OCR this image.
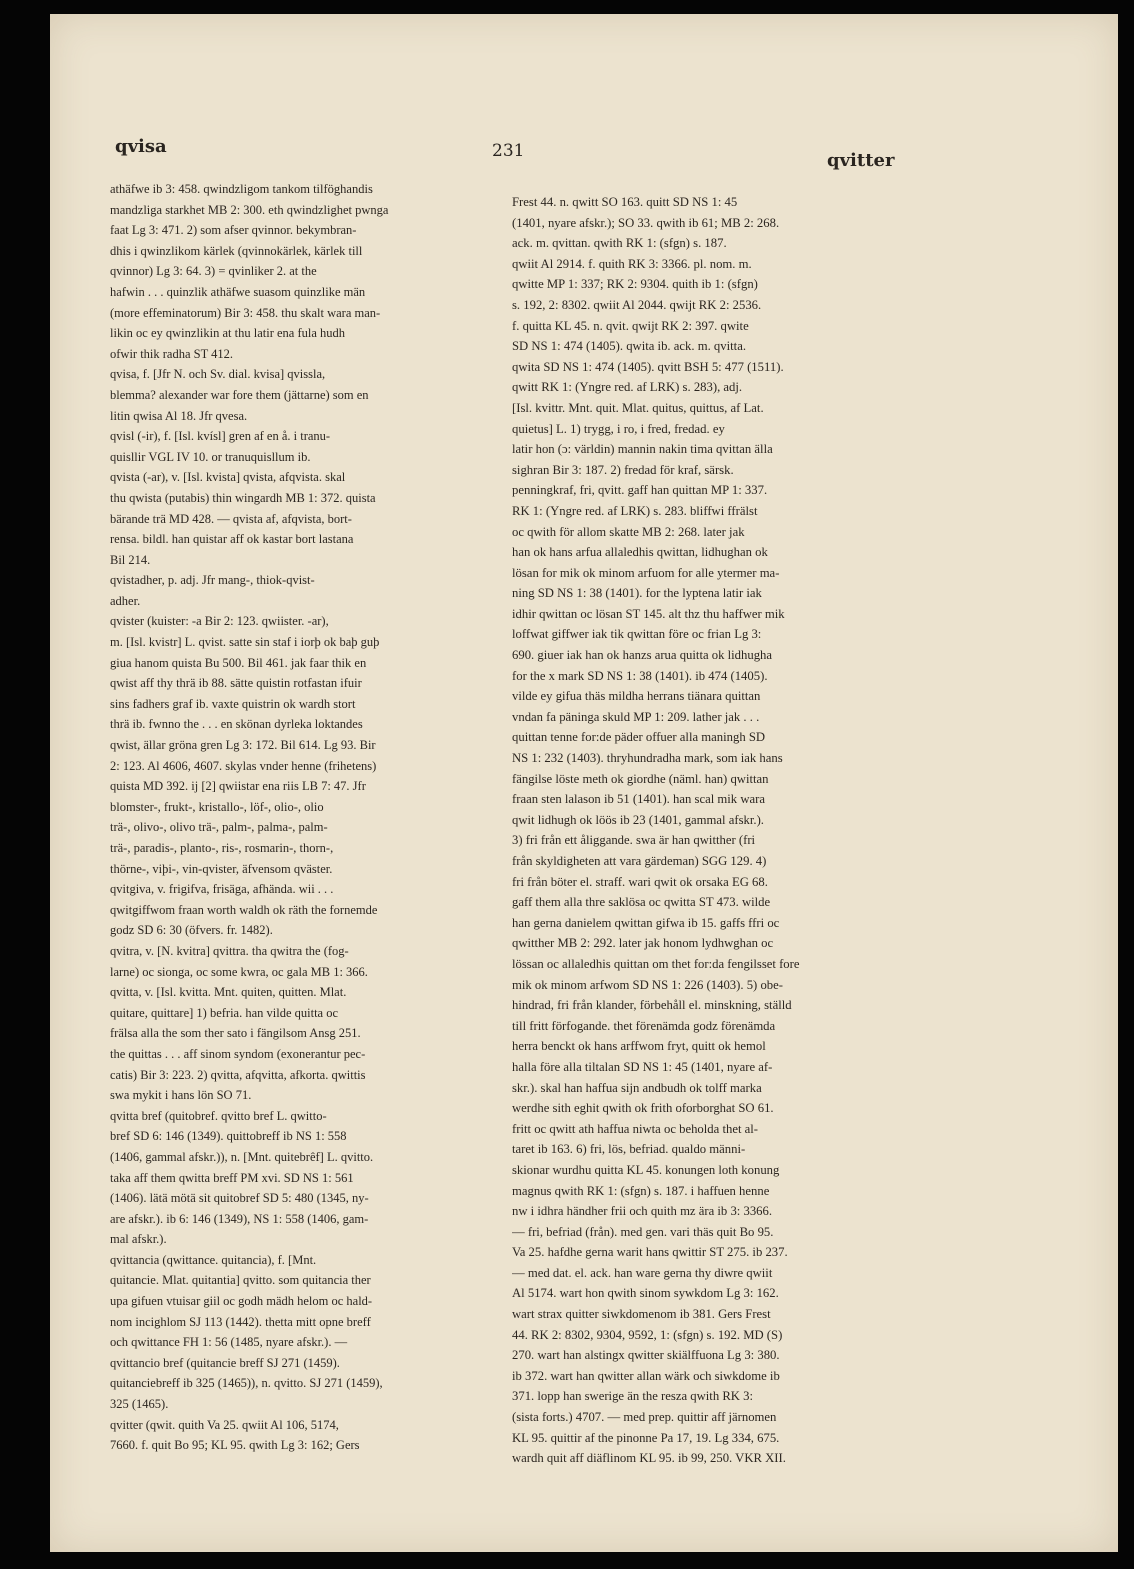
qvisa	231	qvitter
athäfwe ib 3: 458. qwindzligom tankom tilföghandis
mandzliga starkhet MB 2: 300. eth qwindzlighet pwnga
faat Lg 3: 471. 2) som afser qvinnor. bekymbran-
dhis i qwinzlikom kärlek (qvinnokärlek, kärlek till
qvinnor) Lg 3: 64. 3) = qvinliker 2. at the
hafwin . . . quinzlik athäfwe suasom quinzlike män
(more effeminatorum) Bir 3: 458. thu skalt wara man-
likin oc ey qwinzlikin at thu latir ena fula hudh
ofwir thik radha ST 412.
qvisa, f. [Jfr N. och Sv. dial. kvisa] qvissla,
blemma? alexander war fore them (jättarne) som en
litin qwisa Al 18. Jfr qvesa.
qvisl (-ir), f. [Isl. kvísl] gren af en å. i tranu-
quisllir VGL IV 10. or tranuquisllum ib.
qvista (-ar), v. [Isl. kvista] qvista, afqvista. skal
thu qwista (putabis) thin wingardh MB 1: 372. quista
bärande trä MD 428. — qvista af, afqvista, bort-
rensa. bildl. han quistar aff ok kastar bort lastana
Bil 214.
qvistadher, p. adj. Jfr mang-, thiok-qvist-
adher.
qvister (kuister: -a Bir 2: 123. qwiister. -ar),
m. [Isl. kvistr] L. qvist. satte sin staf i iorþ ok baþ guþ
giua hanom quista Bu 500. Bil 461. jak faar thik en
qwist aff thy thrä ib 88. sätte quistin rotfastan ifuir
sins fadhers graf ib. vaxte quistrin ok wardh stort
thrä ib. fwnno the . . . en skönan dyrleka loktandes
qwist, ällar gröna gren Lg 3: 172. Bil 614. Lg 93. Bir
2: 123. Al 4606, 4607. skylas vnder henne (frihetens)
quista MD 392. ij [2] qwiistar ena riis LB 7: 47. Jfr
blomster-, frukt-, kristallo-, löf-, olio-, olio
trä-, olivo-, olivo trä-, palm-, palma-, palm-
trä-, paradis-, planto-, ris-, rosmarin-, thorn-,
thörne-, viþi-, vin-qvister, äfvensom qväster.
qvitgiva, v. frigifva, frisäga, afhända. wii . . .
qwitgiffwom fraan worth waldh ok räth the fornemde
godz SD 6: 30 (öfvers. fr. 1482).
qvitra, v. [N. kvitra] qvittra. tha qwitra the (fog-
larne) oc sionga, oc some kwra, oc gala MB 1: 366.
qvitta, v. [Isl. kvitta. Mnt. quiten, quitten. Mlat.
quitare, quittare] 1) befria. han vilde quitta oc
frälsa alla the som ther sato i fängilsom Ansg 251.
the quittas . . . aff sinom syndom (exonerantur pec-
catis) Bir 3: 223. 2) qvitta, afqvitta, afkorta. qwittis
swa mykit i hans lön SO 71.
qvitta bref (quitobref. qvitto bref L. qwitto-
bref SD 6: 146 (1349). quittobreff ib NS 1: 558
(1406, gammal afskr.)), n. [Mnt. quitebrêf] L. qvitto.
taka aff them qwitta breff PM xvi. SD NS 1: 561
(1406). lätä mötä sit quitobref SD 5: 480 (1345, ny-
are afskr.). ib 6: 146 (1349), NS 1: 558 (1406, gam-
mal afskr.).
qvittancia (qwittance. quitancia), f. [Mnt.
quitancie. Mlat. quitantia] qvitto. som quitancia ther
upa gifuen vtuisar giil oc godh mädh helom oc hald-
nom incighlom SJ 113 (1442). thetta mitt opne breff
och qwittance FH 1: 56 (1485, nyare afskr.). —
qvittancio bref (quitancie breff SJ 271 (1459).
quitanciebreff ib 325 (1465)), n. qvitto. SJ 271 (1459),
325 (1465).
qvitter (qwit. quith Va 25. qwiit Al 106, 5174,
7660. f. quit Bo 95; KL 95. qwith Lg 3: 162; Gers
Frest 44. n. qwitt SO 163. quitt SD NS 1: 45
(1401, nyare afskr.); SO 33. qwith ib 61; MB 2: 268.
ack. m. qvittan. qwith RK 1: (sfgn) s. 187.
qwiit Al 2914. f. quith RK 3: 3366. pl. nom. m.
qwitte MP 1: 337; RK 2: 9304. quith ib 1: (sfgn)
s. 192, 2: 8302. qwiit Al 2044. qwijt RK 2: 2536.
f. quitta KL 45. n. qvit. qwijt RK 2: 397. qwite
SD NS 1: 474 (1405). qwita ib. ack. m. qvitta.
qwita SD NS 1: 474 (1405). qvitt BSH 5: 477 (1511).
qwitt RK 1: (Yngre red. af LRK) s. 283), adj.
[Isl. kvittr. Mnt. quit. Mlat. quitus, quittus, af Lat.
quietus] L. 1) trygg, i ro, i fred, fredad. ey
latir hon (ɔ: världin) mannin nakin tima qvittan älla
sighran Bir 3: 187. 2) fredad för kraf, särsk.
penningkraf, fri, qvitt. gaff han quittan MP 1: 337.
RK 1: (Yngre red. af LRK) s. 283. bliffwi ffrälst
oc qwith för allom skatte MB 2: 268. later jak
han ok hans arfua allaledhis qwittan, lidhughan ok
lösan for mik ok minom arfuom for alle ytermer ma-
ning SD NS 1: 38 (1401). for the lyptena latir iak
idhir qwittan oc lösan ST 145. alt thz thu haffwer mik
loffwat giffwer iak tik qwittan före oc frian Lg 3:
690. giuer iak han ok hanzs arua quitta ok lidhugha
for the x mark SD NS 1: 38 (1401). ib 474 (1405).
vilde ey gifua thäs mildha herrans tiänara quittan
vndan fa päninga skuld MP 1: 209. lather jak . . .
quittan tenne for:de päder offuer alla maningh SD
NS 1: 232 (1403). thryhundradha mark, som iak hans
fängilse löste meth ok giordhe (näml. han) qwittan
fraan sten lalason ib 51 (1401). han scal mik wara
qwit lidhugh ok löös ib 23 (1401, gammal afskr.).
3) fri från ett åliggande. swa är han qwitther (fri
från skyldigheten att vara gärdeman) SGG 129. 4)
fri från böter el. straff. wari qwit ok orsaka EG 68.
gaff them alla thre saklösa oc qwitta ST 473. wilde
han gerna danielem qwittan gifwa ib 15. gaffs ffri oc
qwitther MB 2: 292. later jak honom lydhwghan oc
lössan oc allaledhis quittan om thet for:da fengilsset fore
mik ok minom arfwom SD NS 1: 226 (1403). 5) obe-
hindrad, fri från klander, förbehåll el. minskning, ställd
till fritt förfogande. thet förenämda godz förenämda
herra benckt ok hans arffwom fryt, quitt ok hemol
halla före alla tiltalan SD NS 1: 45 (1401, nyare af-
skr.). skal han haffua sijn andbudh ok tolff marka
werdhe sith eghit qwith ok frith oforborghat SO 61.
fritt oc qwitt ath haffua niwta oc beholda thet al-
taret ib 163. 6) fri, lös, befriad. qualdo männi-
skionar wurdhu quitta KL 45. konungen loth konung
magnus qwith RK 1: (sfgn) s. 187. i haffuen henne
nw i idhra händher frii och quith mz ära ib 3: 3366.
— fri, befriad (från). med gen. vari thäs quit Bo 95.
Va 25. hafdhe gerna warit hans qwittir ST 275. ib 237.
— med dat. el. ack. han ware gerna thy diwre qwiit
Al 5174. wart hon qwith sinom sywkdom Lg 3: 162.
wart strax quitter siwkdomenom ib 381. Gers Frest
44. RK 2: 8302, 9304, 9592, 1: (sfgn) s. 192. MD (S)
270. wart han alstingx qwitter skiälffuona Lg 3: 380.
ib 372. wart han qwitter allan wärk och siwkdome ib
371. lopp han swerige än the resza qwith RK 3:
(sista forts.) 4707. — med prep. quittir aff järnomen
KL 95. quittir af the pinonne Pa 17, 19. Lg 334, 675.
wardh quit aff diäflinom KL 95. ib 99, 250. VKR XII.
